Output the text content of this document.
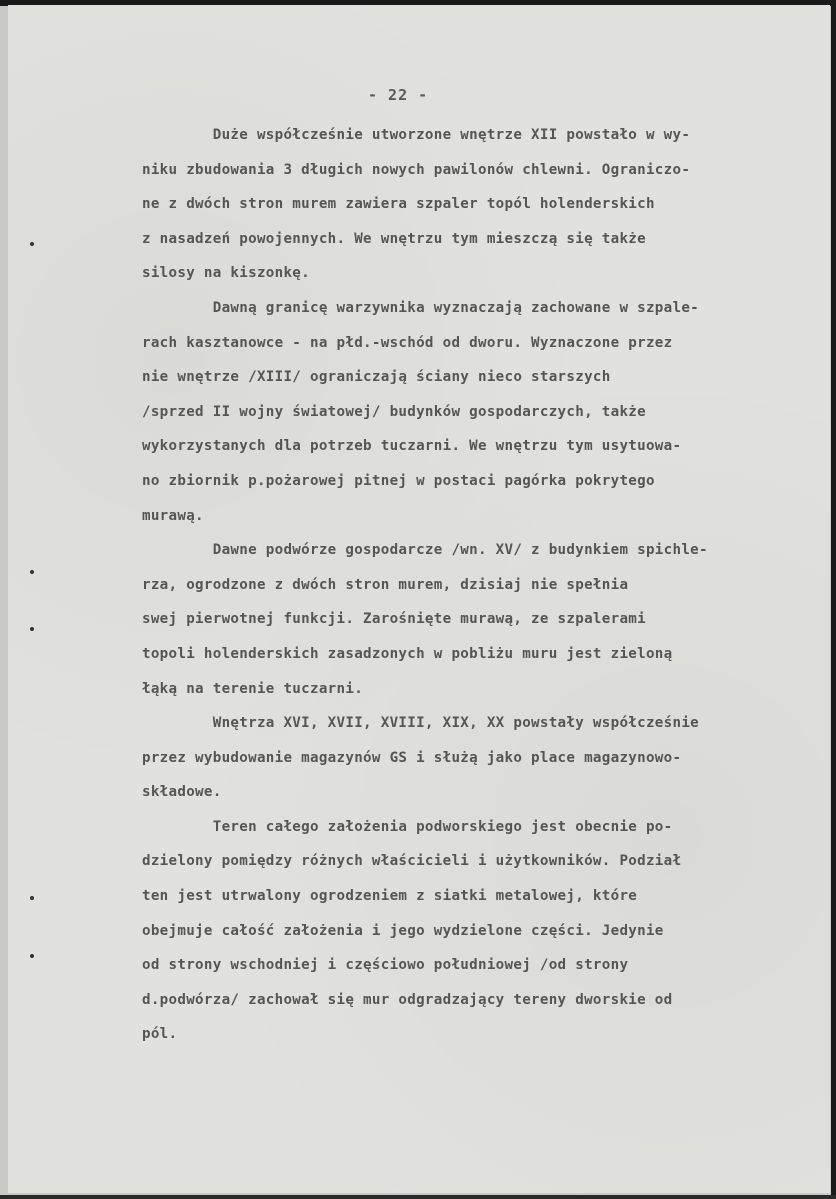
- 22 -
Duże współcześnie utworzone wnętrze XII powstało w wy-
niku zbudowania 3 długich nowych pawilonów chlewni. Ograniczo-
ne z dwóch stron murem zawiera szpaler topól holenderskich
z nasadzeń powojennych. We wnętrzu tym mieszczą się także
silosy na kiszonkę.
Dawną granicę warzywnika wyznaczają zachowane w szpale-
rach kasztanowce - na płd.-wschód od dworu. Wyznaczone przez
nie wnętrze /XIII/ ograniczają ściany nieco starszych
/sprzed II wojny światowej/ budynków gospodarczych, także
wykorzystanych dla potrzeb tuczarni. We wnętrzu tym usytuowa-
no zbiornik p.pożarowej pitnej w postaci pagórka pokrytego
murawą.
Dawne podwórze gospodarcze /wn. XV/ z budynkiem spichle-
rza, ogrodzone z dwóch stron murem, dzisiaj nie spełnia
swej pierwotnej funkcji. Zarośnięte murawą, ze szpalerami
topoli holenderskich zasadzonych w pobliżu muru jest zieloną
łąką na terenie tuczarni.
Wnętrza XVI, XVII, XVIII, XIX, XX powstały współcześnie
przez wybudowanie magazynów GS i służą jako place magazynowo-
składowe.
Teren całego założenia podworskiego jest obecnie po-
dzielony pomiędzy różnych właścicieli i użytkowników. Podział
ten jest utrwalony ogrodzeniem z siatki metalowej, które
obejmuje całość założenia i jego wydzielone części. Jedynie
od strony wschodniej i częściowo południowej /od strony
d.podwórza/ zachował się mur odgradzający tereny dworskie od
pól.
